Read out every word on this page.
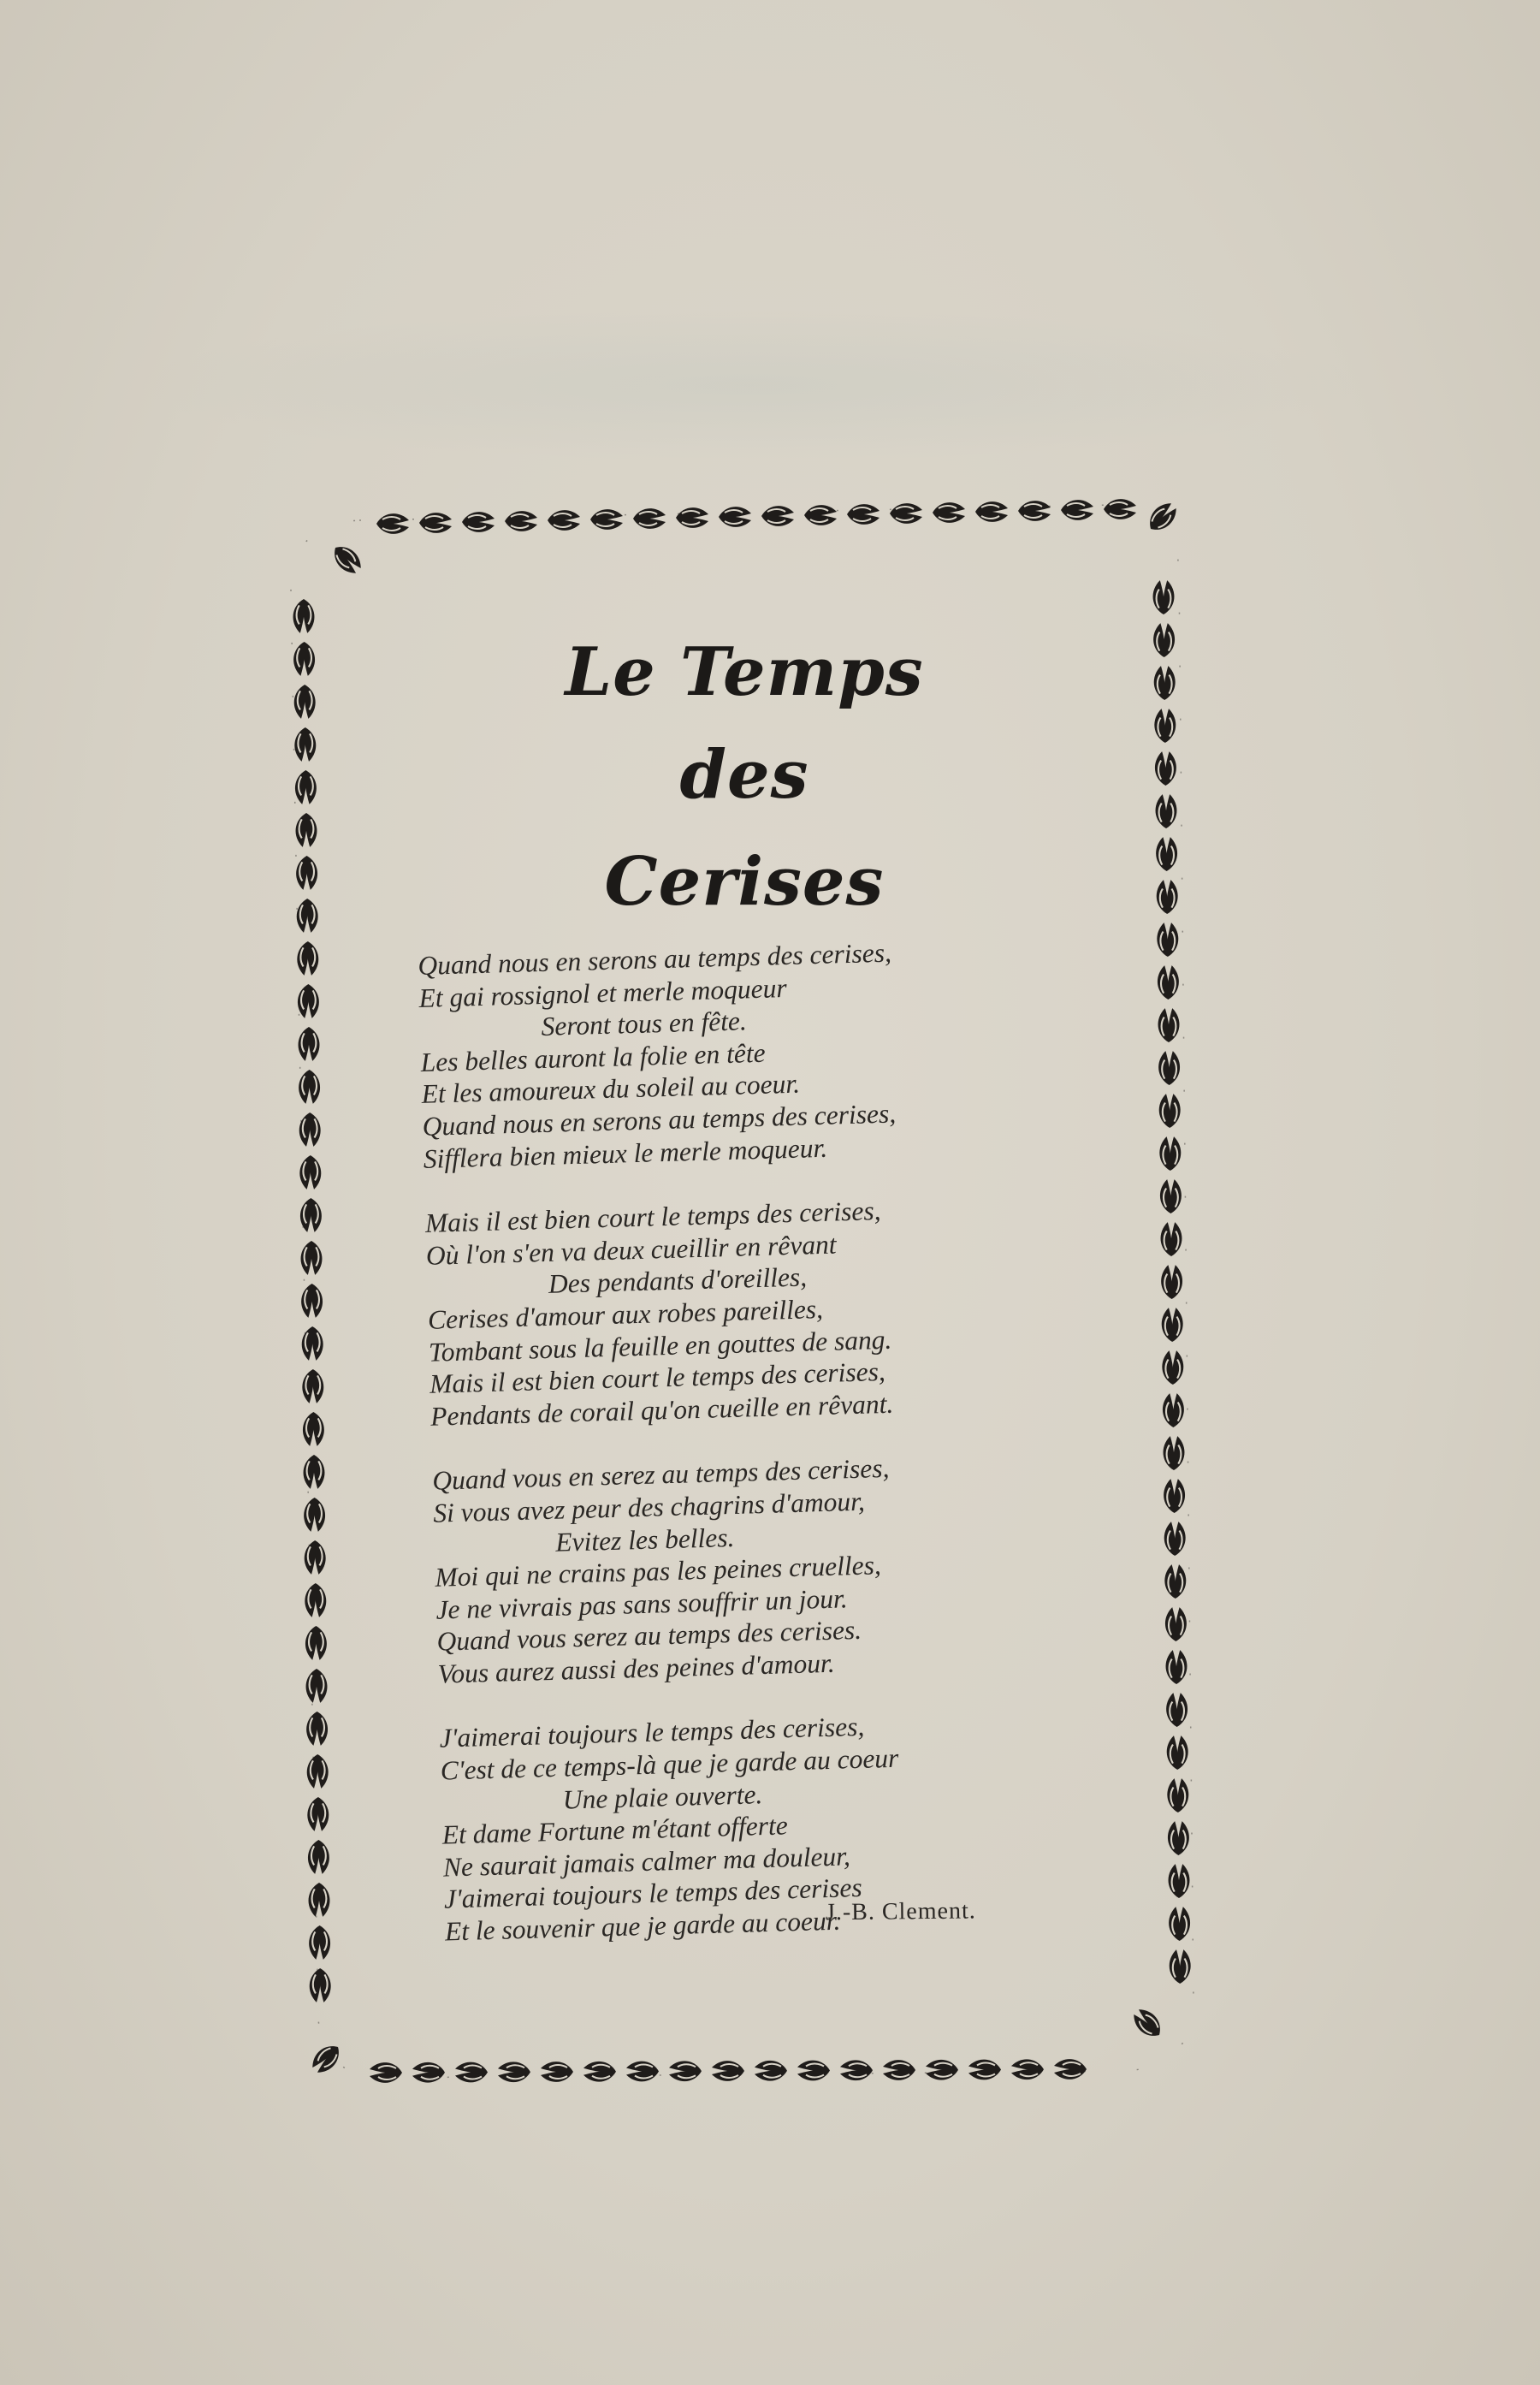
Le Temps
des
Cerises
Quand nous en serons au temps des cerises,
Et gai rossignol et merle moqueur
Seront tous en fête.
Les belles auront la folie en tête
Et les amoureux du soleil au coeur.
Quand nous en serons au temps des cerises,
Sifflera bien mieux le merle moqueur.
Mais il est bien court le temps des cerises,
Où l'on s'en va deux cueillir en rêvant
Des pendants d'oreilles,
Cerises d'amour aux robes pareilles,
Tombant sous la feuille en gouttes de sang.
Mais il est bien court le temps des cerises,
Pendants de corail qu'on cueille en rêvant.
Quand vous en serez au temps des cerises,
Si vous avez peur des chagrins d'amour,
Evitez les belles.
Moi qui ne crains pas les peines cruelles,
Je ne vivrais pas sans souffrir un jour.
Quand vous serez au temps des cerises.
Vous aurez aussi des peines d'amour.
J'aimerai toujours le temps des cerises,
C'est de ce temps-là que je garde au coeur
Une plaie ouverte.
Et dame Fortune m'étant offerte
Ne saurait jamais calmer ma douleur,
J'aimerai toujours le temps des cerises
Et le souvenir que je garde au coeur.
J.-B. Clement.
